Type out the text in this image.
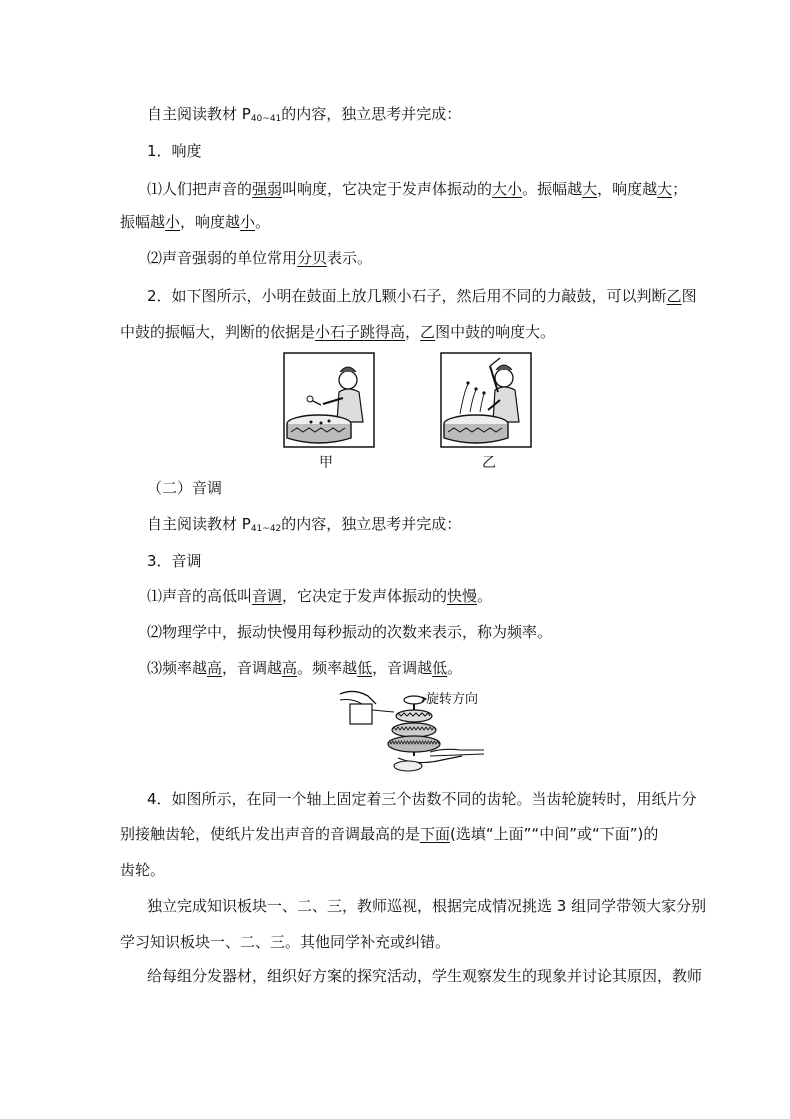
自主阅读教材 $P_{40\sim 41}$的内容，独立思考并完成：
1．响度
⑴人们把声音的强弱叫响度，它决定于发声体振动的大小。振幅越大，响度越大；
振幅越小，响度越小。
⑵声音强弱的单位常用分贝表示。
2．如下图所示，小明在鼓面上放几颗小石子，然后用不同的力敲鼓，可以判断乙图
中鼓的振幅大，判断的依据是小石子跳得高，乙图中鼓的响度大。
甲	乙
（二）音调
自主阅读教材 $P_{41\sim 42}$的内容，独立思考并完成：
3．音调
⑴声音的高低叫音调，它决定于发声体振动的快慢。
⑵物理学中，振动快慢用每秒振动的次数来表示，称为频率。
⑶频率越高，音调越高。频率越低，音调越低。
旋转方向
4．如图所示，在同一个轴上固定着三个齿数不同的齿轮。当齿轮旋转时，用纸片分
别接触齿轮，使纸片发出声音的音调最高的是下面(选填“上面”“中间”或“下面”)的
齿轮。
独立完成知识板块一、二、三，教师巡视，根据完成情况挑选 3 组同学带领大家分别
学习知识板块一、二、三。其他同学补充或纠错。
给每组分发器材，组织好方案的探究活动，学生观察发生的现象并讨论其原因，教师
